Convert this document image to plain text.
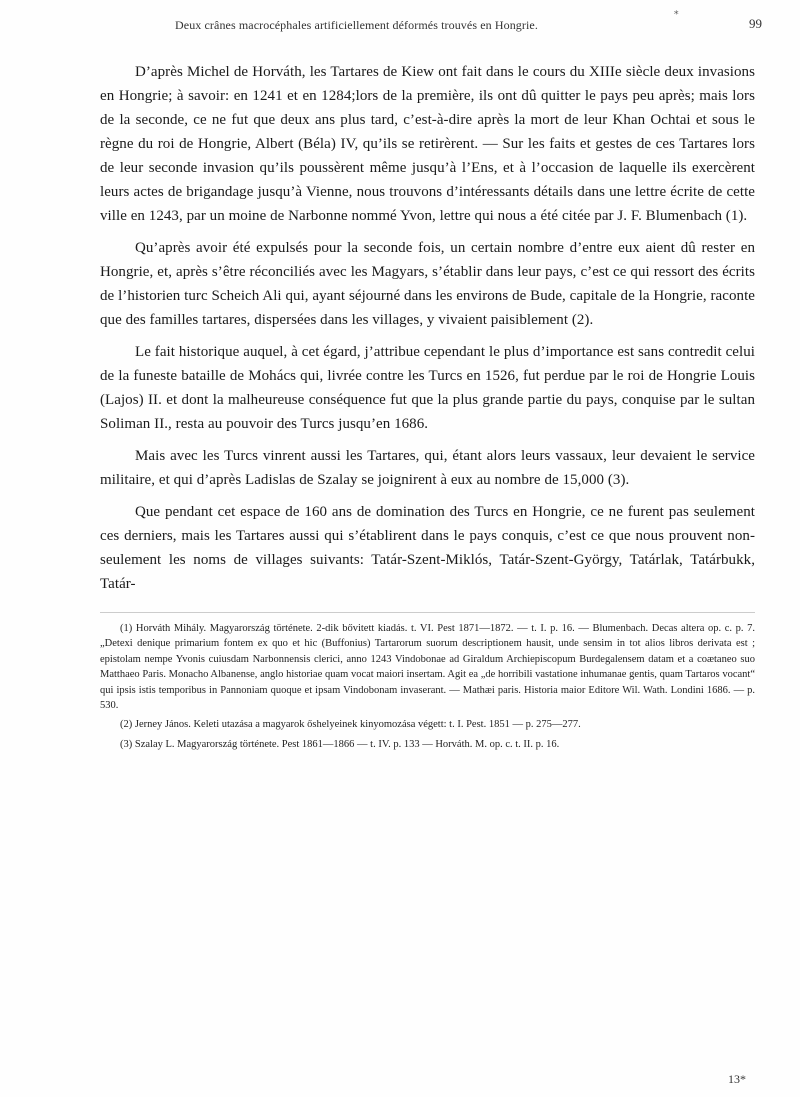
⁎
Deux crânes macrocéphales artificiellement déformés trouvés en Hongrie.	99

D’après Michel de Horváth, les Tartares de Kiew ont fait dans le cours du XIIIe siècle deux invasions en Hongrie; à savoir: en 1241 et en 1284;lors de la première, ils ont dû quitter le pays peu après; mais lors de la seconde, ce ne fut que deux ans plus tard, c’est-à-dire après la mort de leur Khan Ochtai et sous le règne du roi de Hongrie, Albert (Béla) IV, qu’ils se retirèrent. — Sur les faits et gestes de ces Tartares lors de leur seconde invasion qu’ils poussèrent même jusqu’à l’Ens, et à l’occasion de laquelle ils exercèrent leurs actes de brigandage jusqu’à Vienne, nous trouvons d’intéressants détails dans une lettre écrite de cette ville en 1243, par un moine de Narbonne nommé Yvon, lettre qui nous a été citée par J. F. Blumenbach (1).

Qu’après avoir été expulsés pour la seconde fois, un certain nombre d’entre eux aient dû rester en Hongrie, et, après s’être réconciliés avec les Magyars, s’établir dans leur pays, c’est ce qui ressort des écrits de l’historien turc Scheich Ali qui, ayant séjourné dans les environs de Bude, capitale de la Hongrie, raconte que des familles tartares, dispersées dans les villages, y vivaient paisiblement (2).

Le fait historique auquel, à cet égard, j’attribue cependant le plus d’importance est sans contredit celui de la funeste bataille de Mohács qui, livrée contre les Turcs en 1526, fut perdue par le roi de Hongrie Louis (Lajos) II. et dont la malheureuse conséquence fut que la plus grande partie du pays, conquise par le sultan Soliman II., resta au pouvoir des Turcs jusqu’en 1686.

Mais avec les Turcs vinrent aussi les Tartares, qui, étant alors leurs vassaux, leur devaient le service militaire, et qui d’après Ladislas de Szalay se joignirent à eux au nombre de 15,000 (3).

Que pendant cet espace de 160 ans de domination des Turcs en Hongrie, ce ne furent pas seulement ces derniers, mais les Tartares aussi qui s’établirent dans le pays conquis, c’est ce que nous prouvent non-seulement les noms de villages suivants: Tatár-Szent-Miklós, Tatár-Szent-György, Tatárlak, Tatárbukk, Tatár-

(1) Horváth Mihály. Magyarország története. 2-dik bővitett kiadás. t. VI. Pest 1871—1872. — t. I. p. 16. — Blumenbach. Decas altera op. c. p. 7. „Detexi denique primarium fontem ex quo et hic (Buffonius) Tartarorum suorum descriptionem hausit, unde sensim in tot alios libros derivata est ; epistolam nempe Yvonis cuiusdam Narbonnensis clerici, anno 1243 Vindobonae ad Giraldum Archiepiscopum Burdegalensem datam et a coætaneo suo Matthaeo Paris. Monacho Albanense, anglo historiae quam vocat maiori insertam. Agit ea „de horribili vastatione inhumanae gentis, quam Tartaros vocant“ qui ipsis istis temporibus in Pannoniam quoque et ipsam Vindobonam invaserant. — Mathæi paris. Historia maior Editore Wil. Wath. Londini 1686. — p. 530.

(2) Jerney János. Keleti utazása a magyarok őshelyeinek kinyomozása végett: t. I. Pest. 1851 — p. 275—277.

(3) Szalay L. Magyarország története. Pest 1861—1866 — t. IV. p. 133 — Horváth. M. op. c. t. II. p. 16.

13*
